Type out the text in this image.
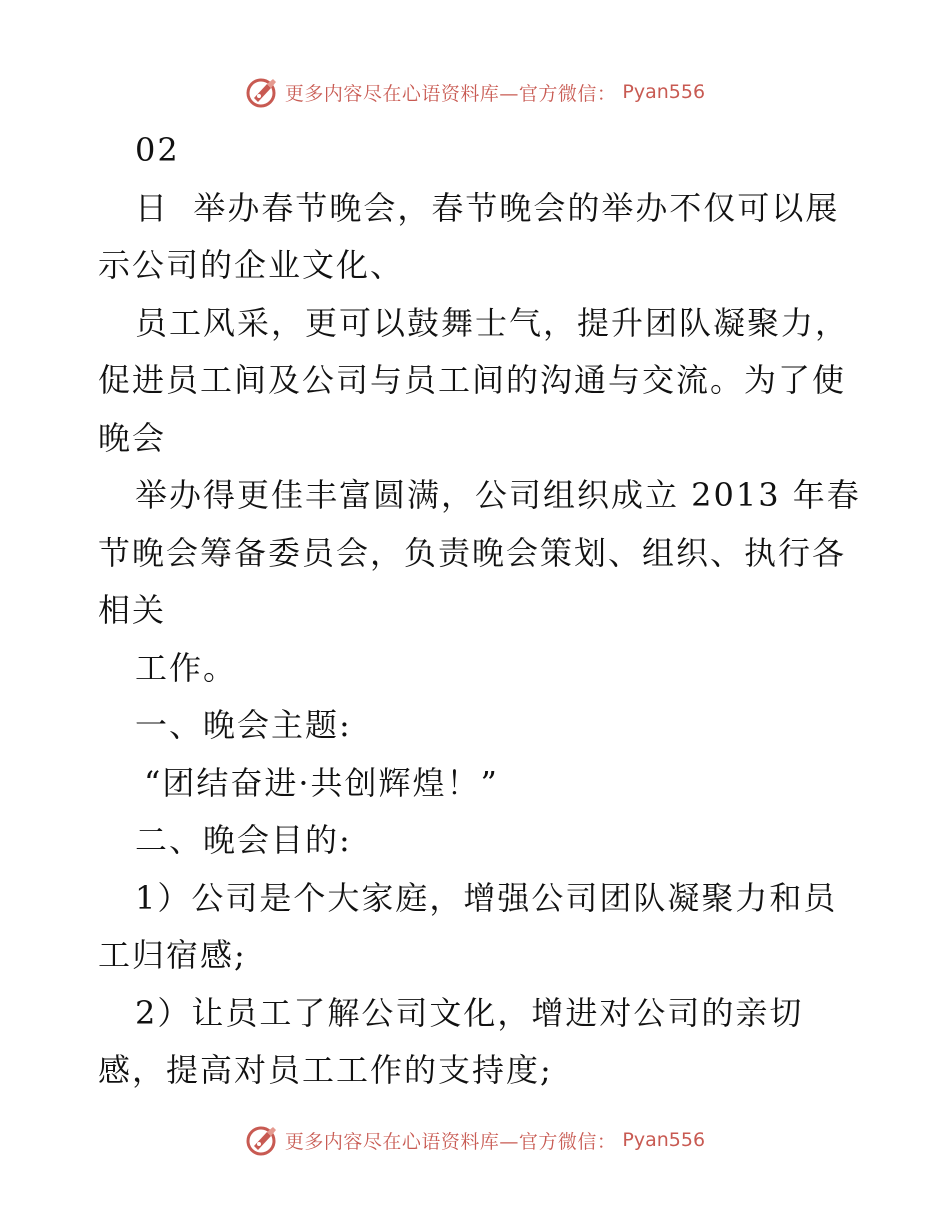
更多内容尽在心语资料库—官方微信： Pyan556
02
日  举办春节晚会，春节晚会的举办不仅可以展
示公司的企业文化、
员工风采，更可以鼓舞士气，提升团队凝聚力，
促进员工间及公司与员工间的沟通与交流。为了使
晚会
举办得更佳丰富圆满，公司组织成立 2013 年春
节晚会筹备委员会，负责晚会策划、组织、执行各
相关
工作。
一、晚会主题:
“团结奋进·共创辉煌！”
二、晚会目的:
1）公司是个大家庭，增强公司团队凝聚力和员
工归宿感;
2）让员工了解公司文化，增进对公司的亲切
感，提高对员工工作的支持度;
更多内容尽在心语资料库—官方微信： Pyan556
